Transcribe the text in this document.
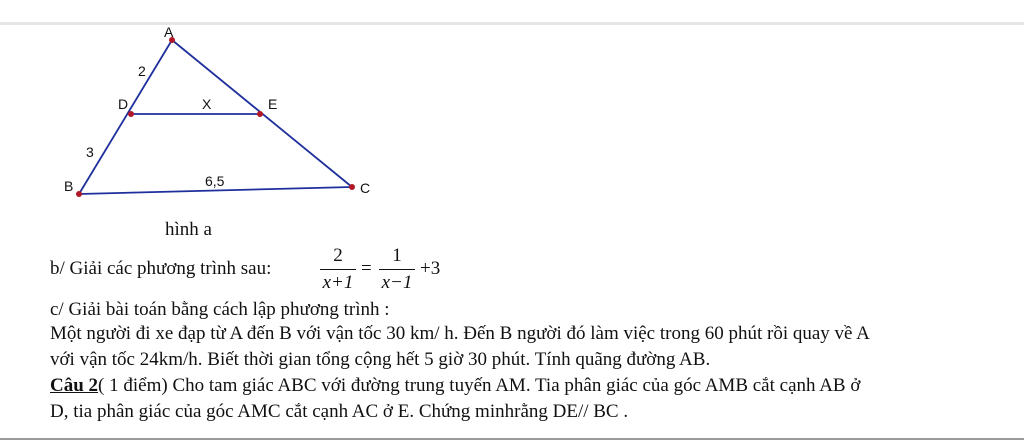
A
B	C
D	E
2
X
3
6,5
hình a
b/ Giải các phương trình sau:
2
x+1
=
1
x−1
+3
c/ Giải bài toán bằng cách lập phương trình :
Một người đi xe đạp từ A đến B với vận tốc 30 km/ h. Đến B người đó làm việc trong 60 phút rồi quay về A
với vận tốc 24km/h. Biết thời gian tổng cộng hết 5 giờ 30 phút. Tính quãng đường AB.
Câu 2( 1 điểm) Cho tam giác ABC với đường trung tuyến AM. Tia phân giác của góc AMB cắt cạnh AB ở
D, tia phân giác của góc AMC cắt cạnh AC ở E. Chứng minhrằng DE// BC .
